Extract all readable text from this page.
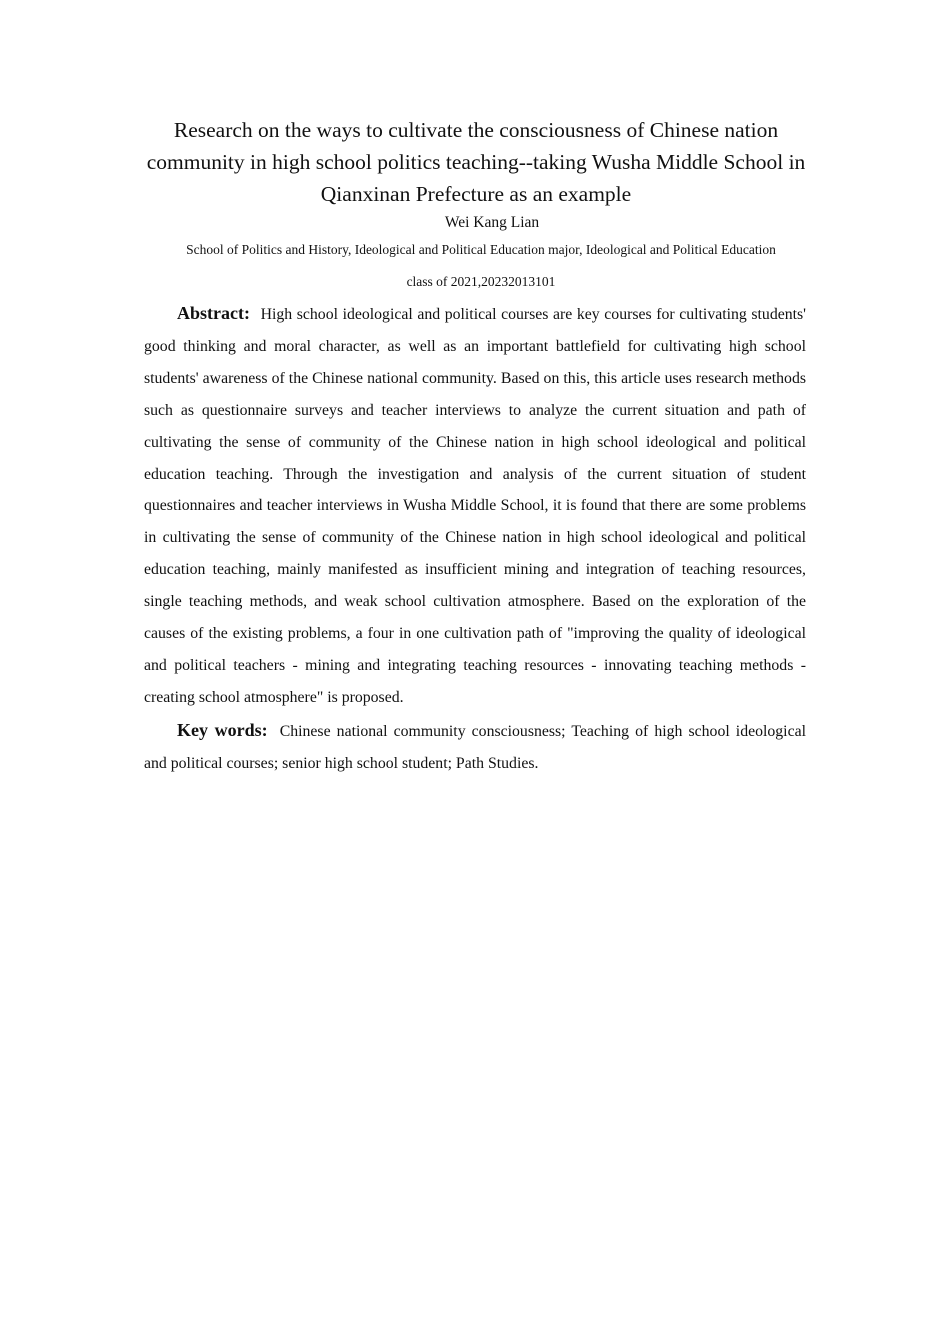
Research on the ways to cultivate the consciousness of Chinese nation community in high school politics teaching--taking Wusha Middle School in Qianxinan Prefecture as an example
Wei Kang Lian
School of Politics and History, Ideological and Political Education major, Ideological and Political Education
class of 2021,20232013101

Abstract: High school ideological and political courses are key courses for cultivating students' good thinking and moral character, as well as an important battlefield for cultivating high school students' awareness of the Chinese national community. Based on this, this article uses research methods such as questionnaire surveys and teacher interviews to analyze the current situation and path of cultivating the sense of community of the Chinese nation in high school ideological and political education teaching. Through the investigation and analysis of the current situation of student questionnaires and teacher interviews in Wusha Middle School, it is found that there are some problems in cultivating the sense of community of the Chinese nation in high school ideological and political education teaching, mainly manifested as insufficient mining and integration of teaching resources, single teaching methods, and weak school cultivation atmosphere. Based on the exploration of the causes of the existing problems, a four in one cultivation path of "improving the quality of ideological and political teachers - mining and integrating teaching resources - innovating teaching methods - creating school atmosphere" is proposed.

Key words: Chinese national community consciousness; Teaching of high school ideological and political courses; senior high school student; Path Studies.
